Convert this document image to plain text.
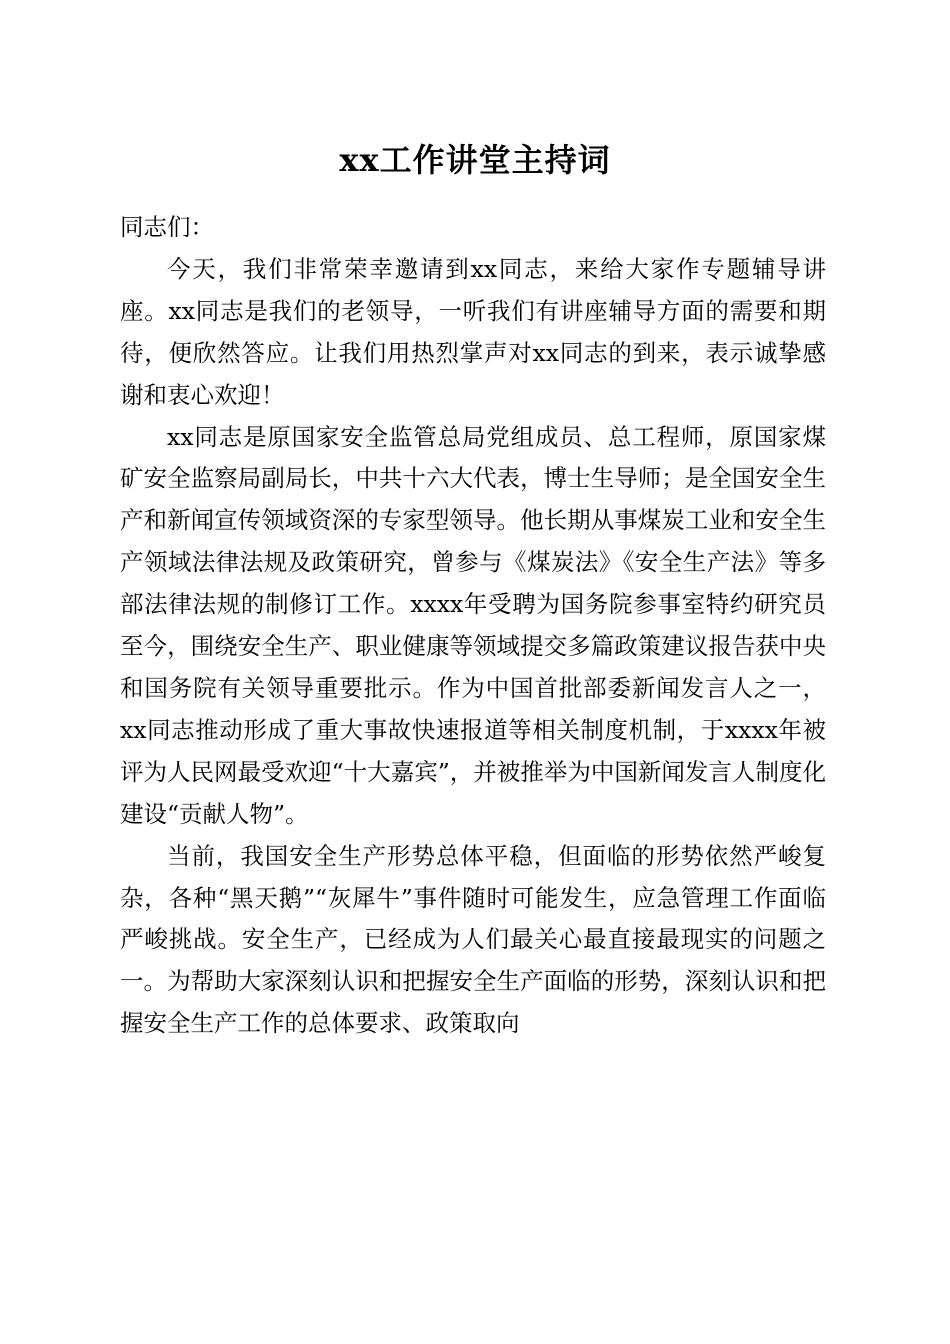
xx工作讲堂主持词

同志们：

今天，我们非常荣幸邀请到xx同志，来给大家作专题辅导讲座。xx同志是我们的老领导，一听我们有讲座辅导方面的需要和期待，便欣然答应。让我们用热烈掌声对xx同志的到来，表示诚挚感谢和衷心欢迎！

xx同志是原国家安全监管总局党组成员、总工程师，原国家煤矿安全监察局副局长，中共十六大代表，博士生导师；是全国安全生产和新闻宣传领域资深的专家型领导。他长期从事煤炭工业和安全生产领域法律法规及政策研究，曾参与《煤炭法》《安全生产法》等多部法律法规的制修订工作。xxxx年受聘为国务院参事室特约研究员至今，围绕安全生产、职业健康等领域提交多篇政策建议报告获中央和国务院有关领导重要批示。作为中国首批部委新闻发言人之一，xx同志推动形成了重大事故快速报道等相关制度机制，于xxxx年被评为人民网最受欢迎“十大嘉宾”，并被推举为中国新闻发言人制度化建设“贡献人物”。

当前，我国安全生产形势总体平稳，但面临的形势依然严峻复杂，各种“黑天鹅”“灰犀牛”事件随时可能发生，应急管理工作面临严峻挑战。安全生产，已经成为人们最关心最直接最现实的问题之一。为帮助大家深刻认识和把握安全生产面临的形势，深刻认识和把握安全生产工作的总体要求、政策取向
